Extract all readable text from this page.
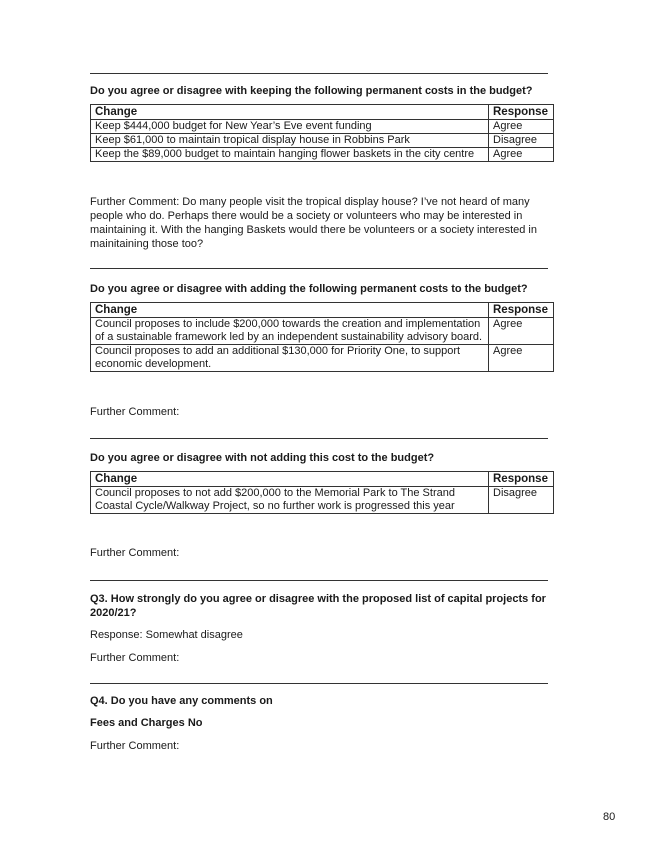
Do you agree or disagree with keeping the following permanent costs in the budget?

Change	Response
Keep $444,000 budget for New Year’s Eve event funding	Agree
Keep $61,000 to maintain tropical display house in Robbins Park	Disagree
Keep the $89,000 budget to maintain hanging flower baskets in the city centre	Agree

Further Comment: Do many people visit the tropical display house? I’ve not heard of many people who do. Perhaps there would be a society or volunteers who may be interested in maintaining it. With the hanging Baskets would there be volunteers or a society interested in mainitaining those too?

Do you agree or disagree with adding the following permanent costs to the budget?

Change	Response
Council proposes to include $200,000 towards the creation and implementation of a sustainable framework led by an independent sustainability advisory board.	Agree
Council proposes to add an additional $130,000 for Priority One, to support economic development.	Agree

Further Comment:

Do you agree or disagree with not adding this cost to the budget?

Change	Response
Council proposes to not add $200,000 to the Memorial Park to The Strand Coastal Cycle/Walkway Project, so no further work is progressed this year	Disagree

Further Comment:

Q3. How strongly do you agree or disagree with the proposed list of capital projects for 2020/21?

Response: Somewhat disagree

Further Comment:

Q4. Do you have any comments on

Fees and Charges No

Further Comment:

80
